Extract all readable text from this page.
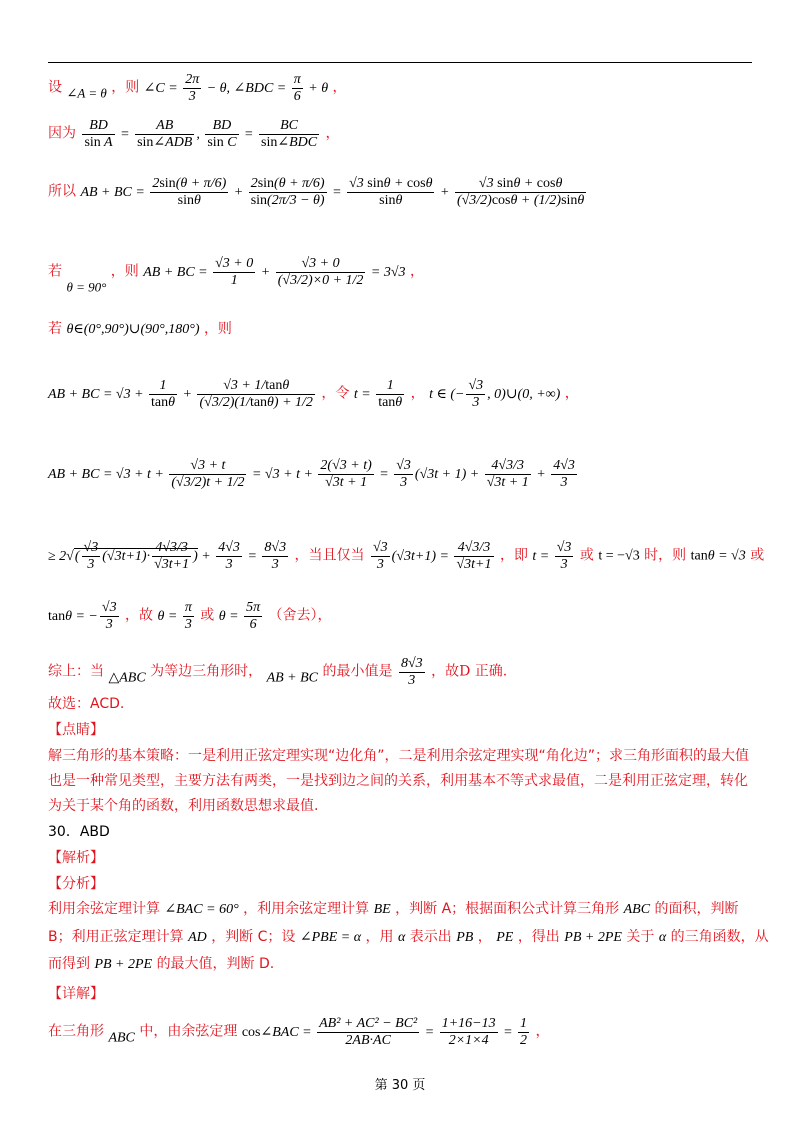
设 ∠A = θ ，则 ∠C = $\frac{2\pi}{3} - \theta$, ∠BDC = $\frac{\pi}{6} + \theta$ ，
因为 $\frac{BD}{\text{sin A}} = \frac{AB}{\text{sin∠ADB}}$ , $\frac{BD}{\text{sin C}} = \frac{BC}{\text{sin∠BDC}}$ ，
所以 AB + BC = $\frac{2\sin(\theta + \pi/6)}{\sin\theta} + \frac{2\sin(\theta + \pi/6)}{\sin(2\pi/3 - \theta)} = \frac{√3 \sin\theta + \cos\theta}{\sin\theta} + \frac{√3 \sin\theta + \cos\theta}{(√3/2)\cos\theta + (1/2)\sin\theta}$
若 θ = 90° ，则 AB + BC = $\frac{√3 + 0}{1} + \frac{√3 + 0}{(√3/2)\times 0 + 1/2} = 3√3$ ，
若 θ∈(0°,90°)∪(90°,180°) ，则
AB + BC = $√3 + \frac{1}{\tan\theta} + \frac{√3 + 1/\tan\theta}{(√3/2)(1/\tan\theta) + 1/2}$ ，令 $t = \frac{1}{\tan\theta}$ ， t ∈ (− $\frac{√3}{3}$ , 0)∪(0, +∞) ，
AB + BC = $√3 + t + \frac{√3 + t}{(√3/2)t + 1/2} = √3 + t + \frac{2(√3 + t)}{√3t + 1} = \frac{√3}{3} (√3t + 1) + \frac{4√3/3}{√3t + 1} + \frac{4√3}{3}$
≥ $2√( \frac{√3}{3} (√3t+1)\cdot \frac{4√3/3}{√3t+1}$ ) + $\frac{4√3}{3} = \frac{8√3}{3}$ ，当且仅当 $\frac{√3}{3} (√3t+1) = \frac{4√3/3}{√3t+1}$ ，即 $t = \frac{√3}{3}$ 或 t = −√3 时，则 tanθ = √3 或
tanθ = − $\frac{√3}{3}$ ，故 $\theta = \frac{\pi}{3}$ 或 $\theta = \frac{5\pi}{6}$ （舍去），
综上：当 △ABC 为等边三角形时， AB + BC 的最小值是 $\frac{8√3}{3}$ ，故D 正确.
故选：ACD.
【点睛】
解三角形的基本策略：一是利用正弦定理实现“边化角”，二是利用余弦定理实现“角化边”；求三角形面积的最大值也是一种常见类型，主要方法有两类，一是找到边之间的关系，利用基本不等式求最值，二是利用正弦定理，转化为关于某个角的函数，利用函数思想求最值.
30．ABD
【解析】
【分析】
利用余弦定理计算 ∠BAC = 60° ，利用余弦定理计算 BE ，判断 A；根据面积公式计算三角形 ABC 的面积，判断
B；利用正弦定理计算 AD ，判断 C；设 ∠PBE = α ，用 α 表示出 PB ， PE ，得出 PB + 2PE 关于 α 的三角函数，从
而得到 PB + 2PE 的最大值，判断 D.
【详解】
在三角形 ABC 中，由余弦定理 cos∠BAC = $\frac{\text{AB² + AC² − BC²}}{2AB\cdot AC} = \frac{1+16-13}{2\times 1\times 4} = \frac{1}{2}$ ，
第 30 页
